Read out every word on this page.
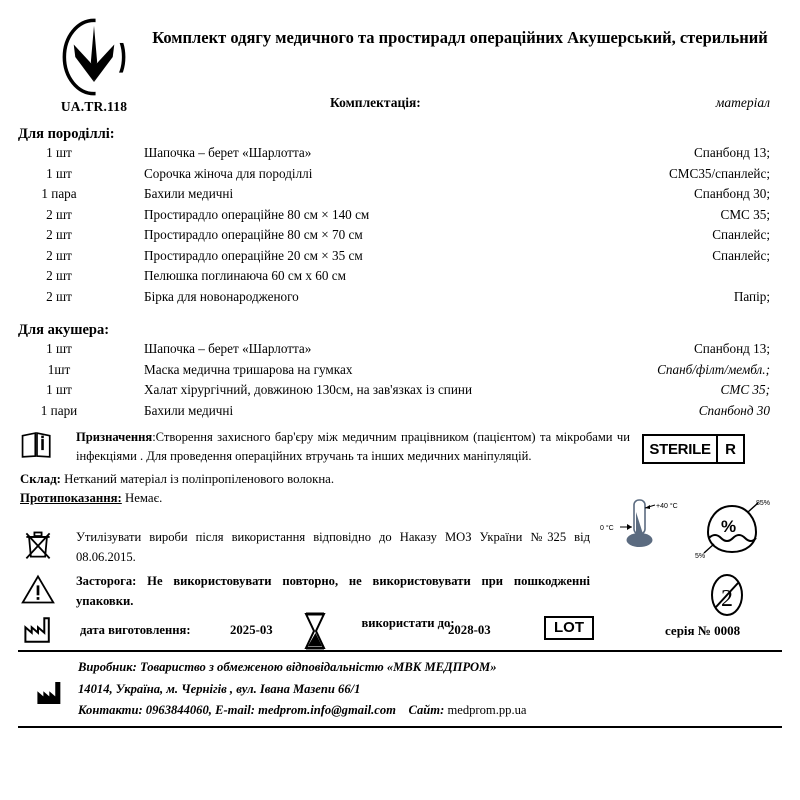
UA.TR.118
Комплект одягу медичного та простирадл операційних Акушерський, стерильний
Комплектація:	матеріал
Для породіллі:
1 шт	Шапочка – берет «Шарлотта»	Спанбонд 13;
1 шт	Сорочка жіноча для породіллі	СМС35/спанлейс;
1 пара	Бахили медичні	Спанбонд 30;
2 шт	Простирадло операційне 80 см × 140 см	СМС 35;
2 шт	Простирадло операційне 80 см × 70 см	Спанлейс;
2 шт	Простирадло операційне 20 см × 35 см	Спанлейс;
2 шт	Пелюшка поглинаюча 60 см х 60 см
2 шт	Бірка для новонародженого	Папір;
Для акушера:
1 шт	Шапочка – берет «Шарлотта»	Спанбонд 13;
1шт	Маска медична тришарова на гумках	Спанб/філт/мембл.;
1 шт	Халат хірургічний, довжиною 130см, на зав'язках із спини	СМС 35;
1 пари	Бахили медичні	Спанбонд 30
Призначення:Створення захисного бар'єру між медичним працівником (пацієнтом) та мікробами чи інфекціями . Для проведення операційних втручань та інших медичних маніпуляцій.
Склад: Нетканий матеріал із поліпропіленового волокна.
Протипоказання: Немає.
STERILE R
+40 °C
0 °C	%
85%
5%
2
Утилізувати вироби після використання відповідно до Наказу МОЗ України №325 від 08.06.2015.
Засторога: Не використовувати повторно, не використовувати при пошкодженні упаковки.
дата виготовлення:	2025-03	використати до:
2028-03	LOT	серія № 0008
Виробник: Товариство з обмеженою відповідальністю «МВК МЕДПРОМ»
14014, Україна, м. Чернігів , вул. Івана Мазепи 66/1
Контакти: 0963844060, E-mail: medprom.info@gmail.com Сайт: medprom.pp.ua
